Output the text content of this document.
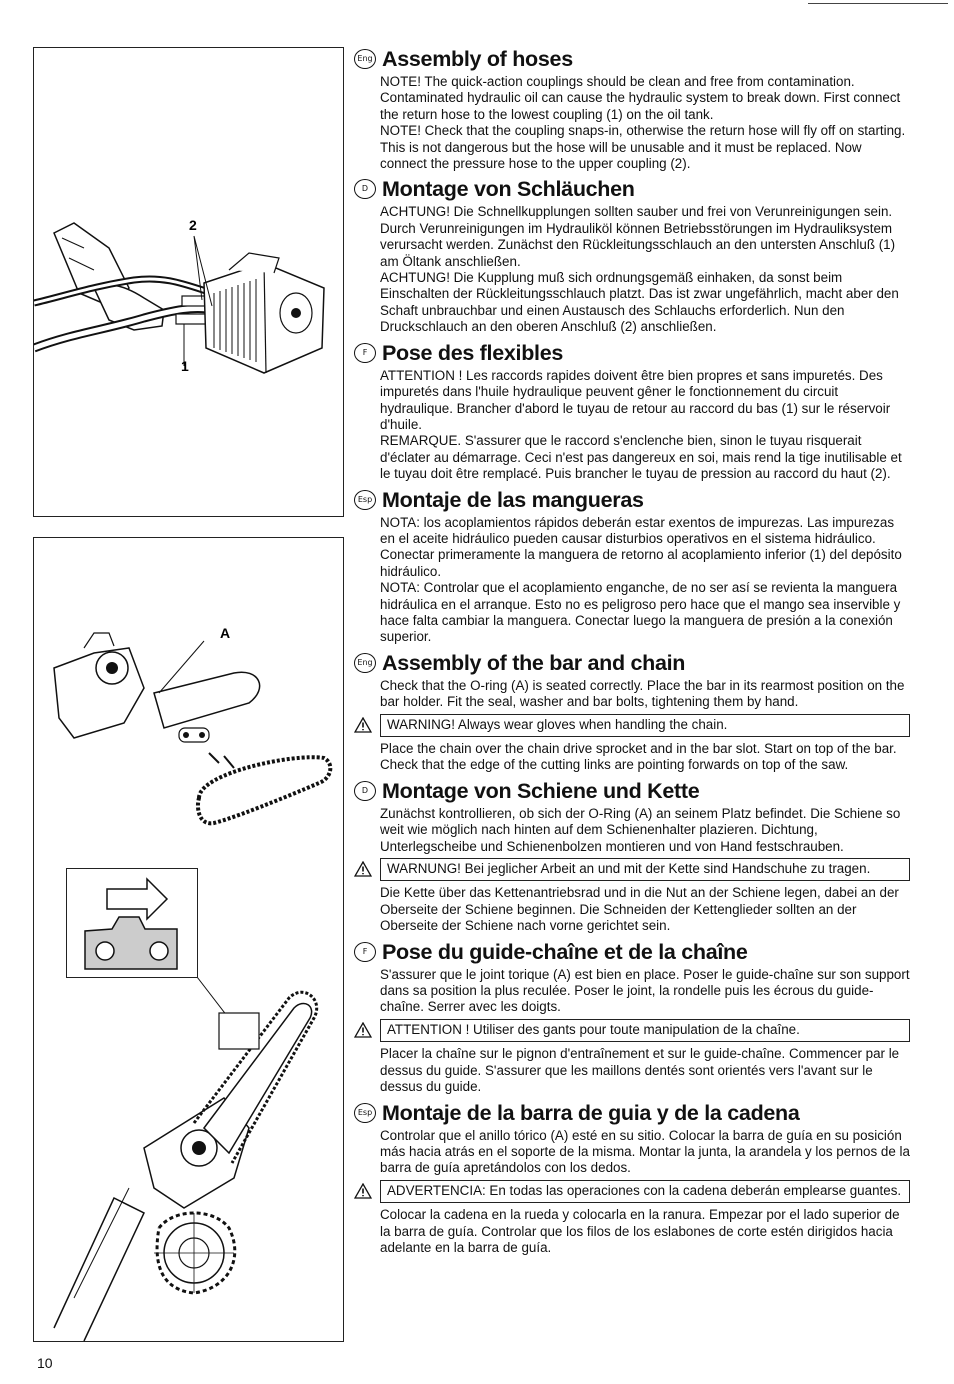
2
1
A
Eng Assembly of hoses

NOTE! The quick-action couplings should be clean and free from contamination. Contaminated hydraulic oil can cause the hydraulic system to break down. First connect the return hose to the lowest coupling (1) on the oil tank.

NOTE! Check that the coupling snaps-in, otherwise the return hose will fly off on starting. This is not dangerous but the hose will be unusable and it must be replaced. Now connect the pressure hose to the upper coupling (2).

D Montage von Schläuchen

ACHTUNG! Die Schnellkupplungen sollten sauber und frei von Verunreinigungen sein. Durch Verunreinigungen im Hydrauliköl können Betriebsstörungen im Hydrauliksystem verursacht werden. Zunächst den Rückleitungsschlauch an den untersten Anschluß (1) am Öltank anschließen.

ACHTUNG! Die Kupplung muß sich ordnungsgemäß einhaken, da sonst beim Einschalten der Rückleitungsschlauch platzt. Das ist zwar ungefährlich, macht aber den Schaft unbrauchbar und einen Austausch des Schlauchs erforderlich. Nun den Druckschlauch an den oberen Anschluß (2) anschließen.

F Pose des flexibles

ATTENTION ! Les raccords rapides doivent être bien propres et sans impuretés. Des impuretés dans l'huile hydraulique peuvent gêner le fonctionnement du circuit hydraulique. Brancher d'abord le tuyau de retour au raccord du bas (1) sur le réservoir d'huile.

REMARQUE. S'assurer que le raccord s'enclenche bien, sinon le tuyau risquerait d'éclater au démarrage. Ceci n'est pas dangereux en soi, mais rend la tige inutilisable et le tuyau doit être remplacé. Puis brancher le tuyau de pression au raccord du haut (2).

Esp Montaje de las mangueras

NOTA: los acoplamientos rápidos deberán estar exentos de impurezas. Las impurezas en el aceite hidráulico pueden causar disturbios operativos en el sistema hidráulico. Conectar primeramente la manguera de retorno al acoplamiento inferior (1) del depósito hidráulico.

NOTA: Controlar que el acoplamiento enganche, de no ser así se revienta la manguera hidráulica en el arranque. Esto no es peligroso pero hace que el mango sea inservible y hace falta cambiar la manguera. Conectar luego la manguera de presión a la conexión superior.

Eng Assembly of the bar and chain

Check that the O-ring (A) is seated correctly. Place the bar in its rearmost position on the bar holder. Fit the seal, washer and bar bolts, tightening them by hand.

WARNING! Always wear gloves when handling the chain.

Place the chain over the chain drive sprocket and in the bar slot. Start on top of the bar. Check that the edge of the cutting links are pointing forwards on top of the saw.

D Montage von Schiene und Kette

Zunächst kontrollieren, ob sich der O-Ring (A) an seinem Platz befindet. Die Schiene so weit wie möglich nach hinten auf dem Schienenhalter plazieren. Dichtung, Unterlegscheibe und Schienenbolzen montieren und von Hand festschrauben.

WARNUNG! Bei jeglicher Arbeit an und mit der Kette sind Handschuhe zu tragen.

Die Kette über das Kettenantriebsrad und in die Nut an der Schiene legen, dabei an der Oberseite der Schiene beginnen. Die Schneiden der Kettenglieder sollten an der Oberseite der Schiene nach vorne gerichtet sein.

F Pose du guide-chaîne et de la chaîne

S'assurer que le joint torique (A) est bien en place. Poser le guide-chaîne sur son support dans sa position la plus reculée. Poser le joint, la rondelle puis les écrous du guide-chaîne. Serrer avec les doigts.

ATTENTION ! Utiliser des gants pour toute manipulation de la chaîne.

Placer la chaîne sur le pignon d'entraînement et sur le guide-chaîne. Commencer par le dessus du guide. S'assurer que les maillons dentés sont orientés vers l'avant sur le dessus du guide.

Esp Montaje de la barra de guia y de la cadena

Controlar que el anillo tórico (A) esté en su sitio. Colocar la barra de guía en su posición más hacia atrás en el soporte de la misma. Montar la junta, la arandela y los pernos de la barra de guía apretándolos con los dedos.

ADVERTENCIA: En todas las operaciones con la cadena deberán emplearse guantes.

Colocar la cadena en la rueda y colocarla en la ranura. Empezar por el lado superior de la barra de guía. Controlar que los filos de los eslabones de corte estén dirigidos hacia adelante en la barra de guía.

10
